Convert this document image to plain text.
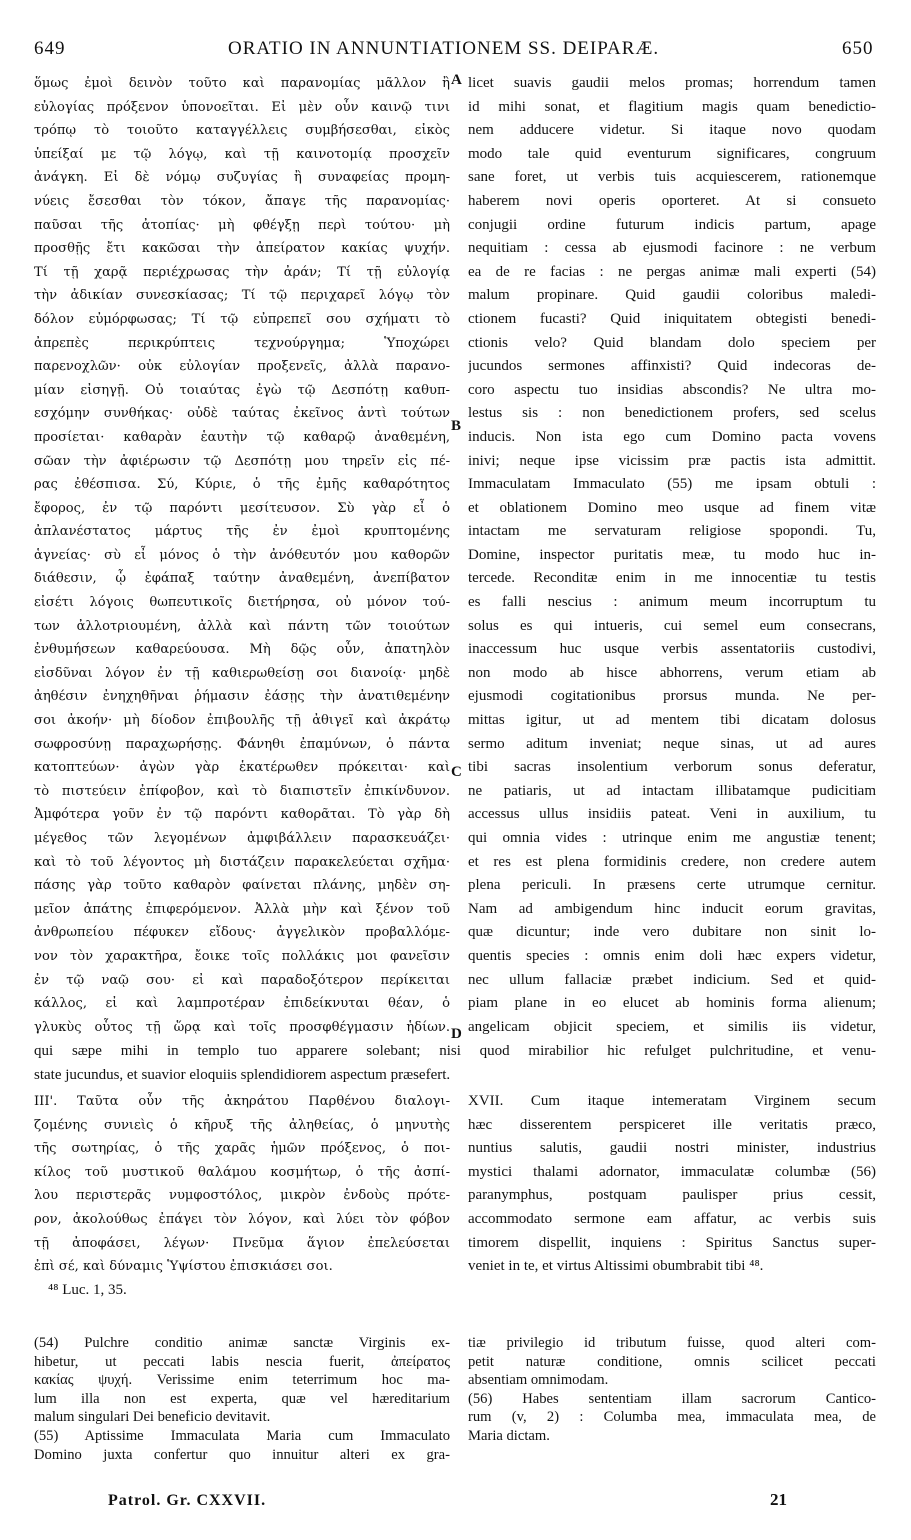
649	ORATIO IN ANNUNTIATIONEM SS. DEIPARÆ.	650
ὅμως ἐμοὶ δεινὸν τοῦτο καὶ παρανομίας μᾶλλον ἢ
εὐλογίας πρόξενον ὑπονοεῖται. Εἰ μὲν οὖν καινῷ τινι
τρόπῳ τὸ τοιοῦτο καταγγέλλεις συμβήσεσθαι, εἰκὸς
ὑπείξαί με τῷ λόγῳ, καὶ τῇ καινοτομίᾳ προσχεῖν
ἀνάγκη. Εἰ δὲ νόμῳ συζυγίας ἢ συναφείας προμη-
νύεις ἔσεσθαι τὸν τόκον, ἄπαγε τῆς παρανομίας·
παῦσαι τῆς ἀτοπίας· μὴ φθέγξῃ περὶ τούτου· μὴ
προσθῇς ἔτι κακῶσαι τὴν ἀπείρατον κακίας ψυχήν.
Τί τῇ χαρᾷ περιέχρωσας τὴν ἀράν; Τί τῇ εὐλογίᾳ
τὴν ἀδικίαν συνεσκίασας; Τί τῷ περιχαρεῖ λόγῳ τὸν
δόλον εὐμόρφωσας; Τί τῷ εὐπρεπεῖ σου σχήματι τὸ
ἀπρεπὲς περικρύπτεις τεχνούργημα; Ὑποχώρει
παρενοχλῶν· οὐκ εὐλογίαν προξενεῖς, ἀλλὰ παρανο-
μίαν εἰσηγῇ. Οὐ τοιαύτας ἐγὼ τῷ Δεσπότῃ καθυπ-
εσχόμην συνθήκας· οὐδὲ ταύτας ἐκεῖνος ἀντὶ τούτων
προσίεται· καθαρὰν ἑαυτὴν τῷ καθαρῷ ἀναθεμένη,
σῶαν τὴν ἀφιέρωσιν τῷ Δεσπότῃ μου τηρεῖν εἰς πέ-
ρας ἐθέσπισα. Σύ, Κύριε, ὁ τῆς ἐμῆς καθαρότητος
ἔφορος, ἐν τῷ παρόντι μεσίτευσον. Σὺ γὰρ εἶ ὁ
ἀπλανέστατος μάρτυς τῆς ἐν ἐμοὶ κρυπτομένης
ἁγνείας· σὺ εἶ μόνος ὁ τὴν ἀνόθευτόν μου καθορῶν
διάθεσιν, ᾧ ἐφάπαξ ταύτην ἀναθεμένη, ἀνεπίβατον
εἰσέτι λόγοις θωπευτικοῖς διετήρησα, οὐ μόνον τού-
των ἀλλοτριουμένη, ἀλλὰ καὶ πάντη τῶν τοιούτων
ἐνθυμήσεων καθαρεύουσα. Μὴ δῷς οὖν, ἀπατηλὸν
εἰσδῦναι λόγον ἐν τῇ καθιερωθείσῃ σοι διανοίᾳ· μηδὲ
ἀηθέσιν ἐνηχηθῆναι ῥήμασιν ἐάσῃς τὴν ἀνατιθεμένην
σοι ἀκοήν· μὴ δίοδον ἐπιβουλῆς τῇ ἀθιγεῖ καὶ ἀκράτῳ
σωφροσύνῃ παραχωρήσῃς. Φάνηθι ἐπαμύνων, ὁ πάντα
κατοπτεύων· ἀγὼν γὰρ ἑκατέρωθεν πρόκειται· καὶ
τὸ πιστεύειν ἐπίφοβον, καὶ τὸ διαπιστεῖν ἐπικίνδυνον.
Ἀμφότερα γοῦν ἐν τῷ παρόντι καθορᾶται. Τὸ γὰρ δὴ
μέγεθος τῶν λεγομένων ἀμφιβάλλειν παρασκευάζει·
καὶ τὸ τοῦ λέγοντος μὴ διστάζειν παρακελεύεται σχῆμα·
πάσης γὰρ τοῦτο καθαρὸν φαίνεται πλάνης, μηδὲν ση-
μεῖον ἀπάτης ἐπιφερόμενον. Ἀλλὰ μὴν καὶ ξένον τοῦ
ἀνθρωπείου πέφυκεν εἴδους· ἀγγελικὸν προβαλλόμε-
νον τὸν χαρακτῆρα, ἔοικε τοῖς πολλάκις μοι φανεῖσιν
ἐν τῷ ναῷ σου· εἰ καὶ παραδοξότερον περίκειται
κάλλος, εἰ καὶ λαμπροτέραν ἐπιδείκνυται θέαν, ὁ
γλυκὺς οὗτος τῇ ὥρᾳ καὶ τοῖς προσφθέγμασιν ἡδίων.
licet suavis gaudii melos promas; horrendum tamen
id mihi sonat, et flagitium magis quam benedictio-
nem adducere videtur. Si itaque novo quodam
modo tale quid eventurum significares, congruum
sane foret, ut verbis tuis acquiescerem, rationemque
haberem novi operis oporteret. At si consueto
conjugii ordine futurum indicis partum, apage
nequitiam : cessa ab ejusmodi facinore : ne verbum
ea de re facias : ne pergas animæ mali experti (54)
malum propinare. Quid gaudii coloribus maledi-
ctionem fucasti? Quid iniquitatem obtegisti benedi-
ctionis velo? Quid blandam dolo speciem per
jucundos sermones affinxisti? Quid indecoras de-
coro aspectu tuo insidias abscondis? Ne ultra mo-
lestus sis : non benedictionem profers, sed scelus
inducis. Non ista ego cum Domino pacta vovens
inivi; neque ipse vicissim præ pactis ista admittit.
Immaculatam Immaculato (55) me ipsam obtuli :
et oblationem Domino meo usque ad finem vitæ
intactam me servaturam religiose spopondi. Tu,
Domine, inspector puritatis meæ, tu modo huc in-
tercede. Reconditæ enim in me innocentiæ tu testis
es falli nescius : animum meum incorruptum tu
solus es qui intueris, cui semel eum consecrans,
inaccessum huc usque verbis assentatoriis custodivi,
non modo ab hisce abhorrens, verum etiam ab
ejusmodi cogitationibus prorsus munda. Ne per-
mittas igitur, ut ad mentem tibi dicatam dolosus
sermo aditum inveniat; neque sinas, ut ad aures
tibi sacras insolentium verborum sonus deferatur,
ne patiaris, ut ad intactam illibatamque pudicitiam
accessus ullus insidiis pateat. Veni in auxilium, tu
qui omnia vides : utrinque enim me angustiæ tenent;
et res est plena formidinis credere, non credere autem
plena periculi. In præsens certe utrumque cernitur.
Nam ad ambigendum hinc inducit eorum gravitas,
quæ dicuntur; inde vero dubitare non sinit lo-
quentis species : omnis enim doli hæc expers videtur,
nec ullum fallaciæ præbet indicium. Sed et quid-
piam plane in eo elucet ab hominis forma alienum;
angelicam objicit speciem, et similis iis videtur,
A
B
C
D
qui sæpe mihi in templo tuo apparere solebant; nisi quod mirabilior hic refulget pulchritudine, et venu-
state jucundus, et suavior eloquiis splendidiorem aspectum præsefert.
III'. Ταῦτα οὖν τῆς ἀκηράτου Παρθένου διαλογι-
ζομένης συνιεὶς ὁ κῆρυξ τῆς ἀληθείας, ὁ μηνυτὴς
τῆς σωτηρίας, ὁ τῆς χαρᾶς ἡμῶν πρόξενος, ὁ ποι-
κίλος τοῦ μυστικοῦ θαλάμου κοσμήτωρ, ὁ τῆς ἀσπί-
λου περιστερᾶς νυμφοστόλος, μικρὸν ἐνδοὺς πρότε-
ρον, ἀκολούθως ἐπάγει τὸν λόγον, καὶ λύει τὸν φόβον
τῇ ἀποφάσει, λέγων· Πνεῦμα ἅγιον ἐπελεύσεται
ἐπὶ σέ, καὶ δύναμις Ὑψίστου ἐπισκιάσει σοι.
XVII. Cum itaque intemeratam Virginem secum
hæc disserentem perspiceret ille veritatis præco,
nuntius salutis, gaudii nostri minister, industrius
mystici thalami adornator, immaculatæ columbæ (56)
paranymphus, postquam paulisper prius cessit,
accommodato sermone eam affatur, ac verbis suis
timorem dispellit, inquiens : Spiritus Sanctus super-
veniet in te, et virtus Altissimi obumbrabit tibi ⁴⁸.
⁴⁸ Luc. 1, 35.
(54) Pulchre conditio animæ sanctæ Virginis ex-
hibetur, ut peccati labis nescia fuerit, ἀπείρατος
κακίας ψυχή. Verissime enim teterrimum hoc ma-
lum illa non est experta, quæ vel hæreditarium
malum singulari Dei beneficio devitavit.
(55) Aptissime Immaculata Maria cum Immaculato
Domino juxta confertur quo innuitur alteri ex gra-
tiæ privilegio id tributum fuisse, quod alteri com-
petit naturæ conditione, omnis scilicet peccati
absentiam omnimodam.
(56) Habes sententiam illam sacrorum Cantico-
rum (v, 2) : Columba mea, immaculata mea, de
Maria dictam.
Patrol. Gr. CXXVII.	21
